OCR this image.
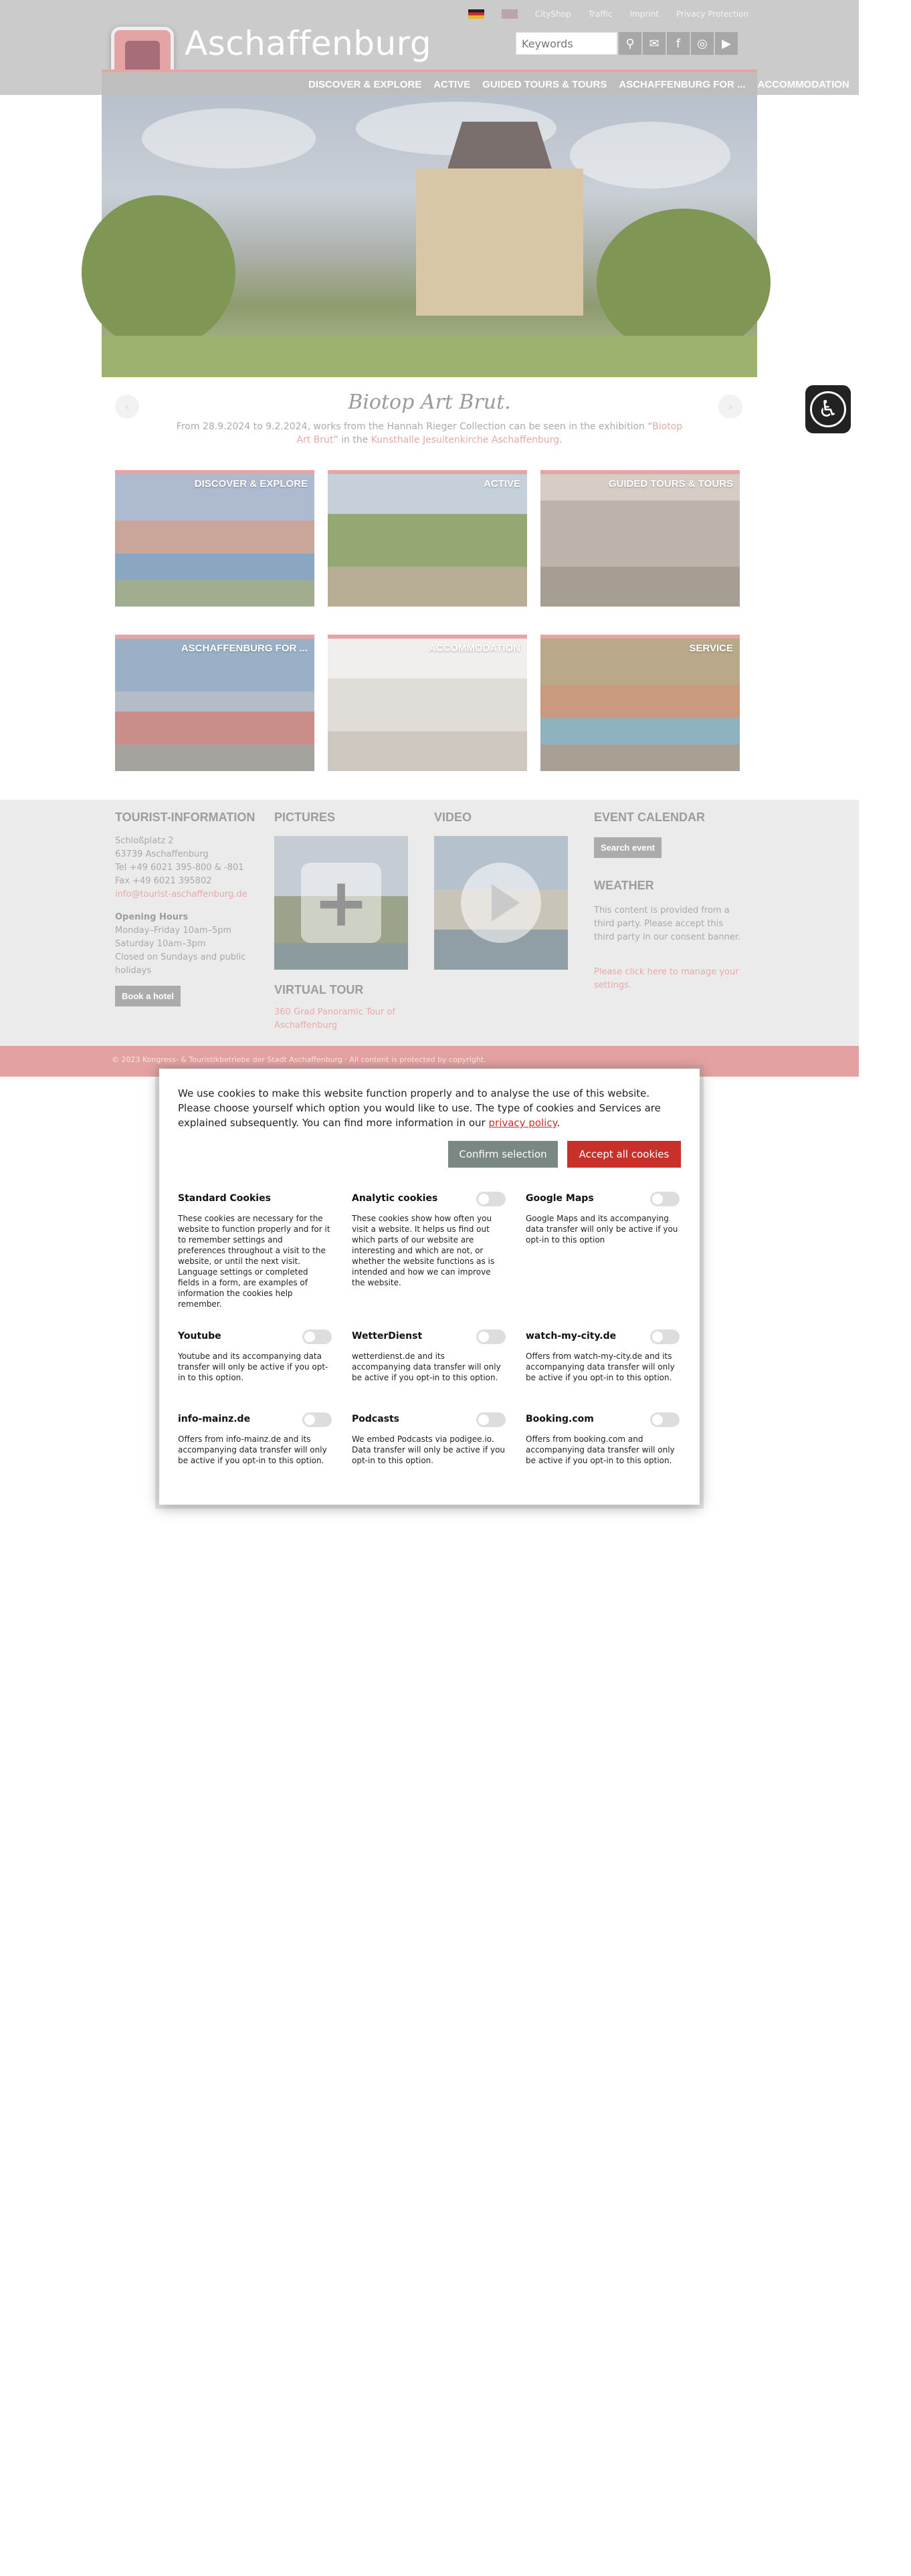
CityShop Traffic Imprint Privacy Protection
Aschaffenburg
Keywords	⚲	✉	f	◎	▶
DISCOVER & EXPLORE	ACTIVE	GUIDED TOURS & TOURS	ASCHAFFENBURG FOR ...	ACCOMMODATION	SERVICE
‹	›
Biotop Art Brut.
From 28.9.2024 to 9.2.2024, works from the Hannah Rieger Collection can be seen in the exhibition “Biotop Art Brut” in the Kunsthalle Jesuitenkirche Aschaffenburg.
DISCOVER & EXPLORE	ACTIVE	GUIDED TOURS & TOURS
ASCHAFFENBURG FOR ...	ACCOMMODATION	SERVICE
TOURIST-INFORMATION
Schloßplatz 2
63739 Aschaffenburg
Tel +49 6021 395-800 & -801
Fax +49 6021 395802
info@tourist-aschaffenburg.de
Opening Hours
Monday–Friday 10am–5pm
Saturday 10am–3pm
Closed on Sundays and public
holidays
Book a hotel
PICTURES
+
VIRTUAL TOUR
360 Grad Panoramic Tour of Aschaffenburg
VIDEO	EVENT CALENDAR
Search event
WEATHER
This content is provided from a third party. Please accept this third party in our consent banner.
Please click here to manage your settings.
© 2023 Kongress- & Touristikbetriebe der Stadt Aschaffenburg · All content is protected by copyright.
♿
We use cookies to make this website function properly and to analyse the use of this website. Please choose yourself which option you would like to use. The type of cookies and Services are explained subsequently. You can find more information in our privacy policy.
Confirm selection	Accept all cookies
Standard Cookies
These cookies are necessary for the website to function properly and for it to remember settings and preferences throughout a visit to the website, or until the next visit. Language settings or completed fields in a form, are examples of information the cookies help remember.
Analytic cookies
These cookies show how often you visit a website. It helps us find out which parts of our website are interesting and which are not, or whether the website functions as is intended and how we can improve the website.
Google Maps
Google Maps and its accompanying data transfer will only be active if you opt-in to this option
Youtube
Youtube and its accompanying data transfer will only be active if you opt-in to this option.
WetterDienst
wetterdienst.de and its accompanying data transfer will only be active if you opt-in to this option.
watch-my-city.de
Offers from watch-my-city.de and its accompanying data transfer will only be active if you opt-in to this option.
info-mainz.de
Offers from info-mainz.de and its accompanying data transfer will only be active if you opt-in to this option.
Podcasts
We embed Podcasts via podigee.io. Data transfer will only be active if you opt-in to this option.
Booking.com
Offers from booking.com and accompanying data transfer will only be active if you opt-in to this option.
